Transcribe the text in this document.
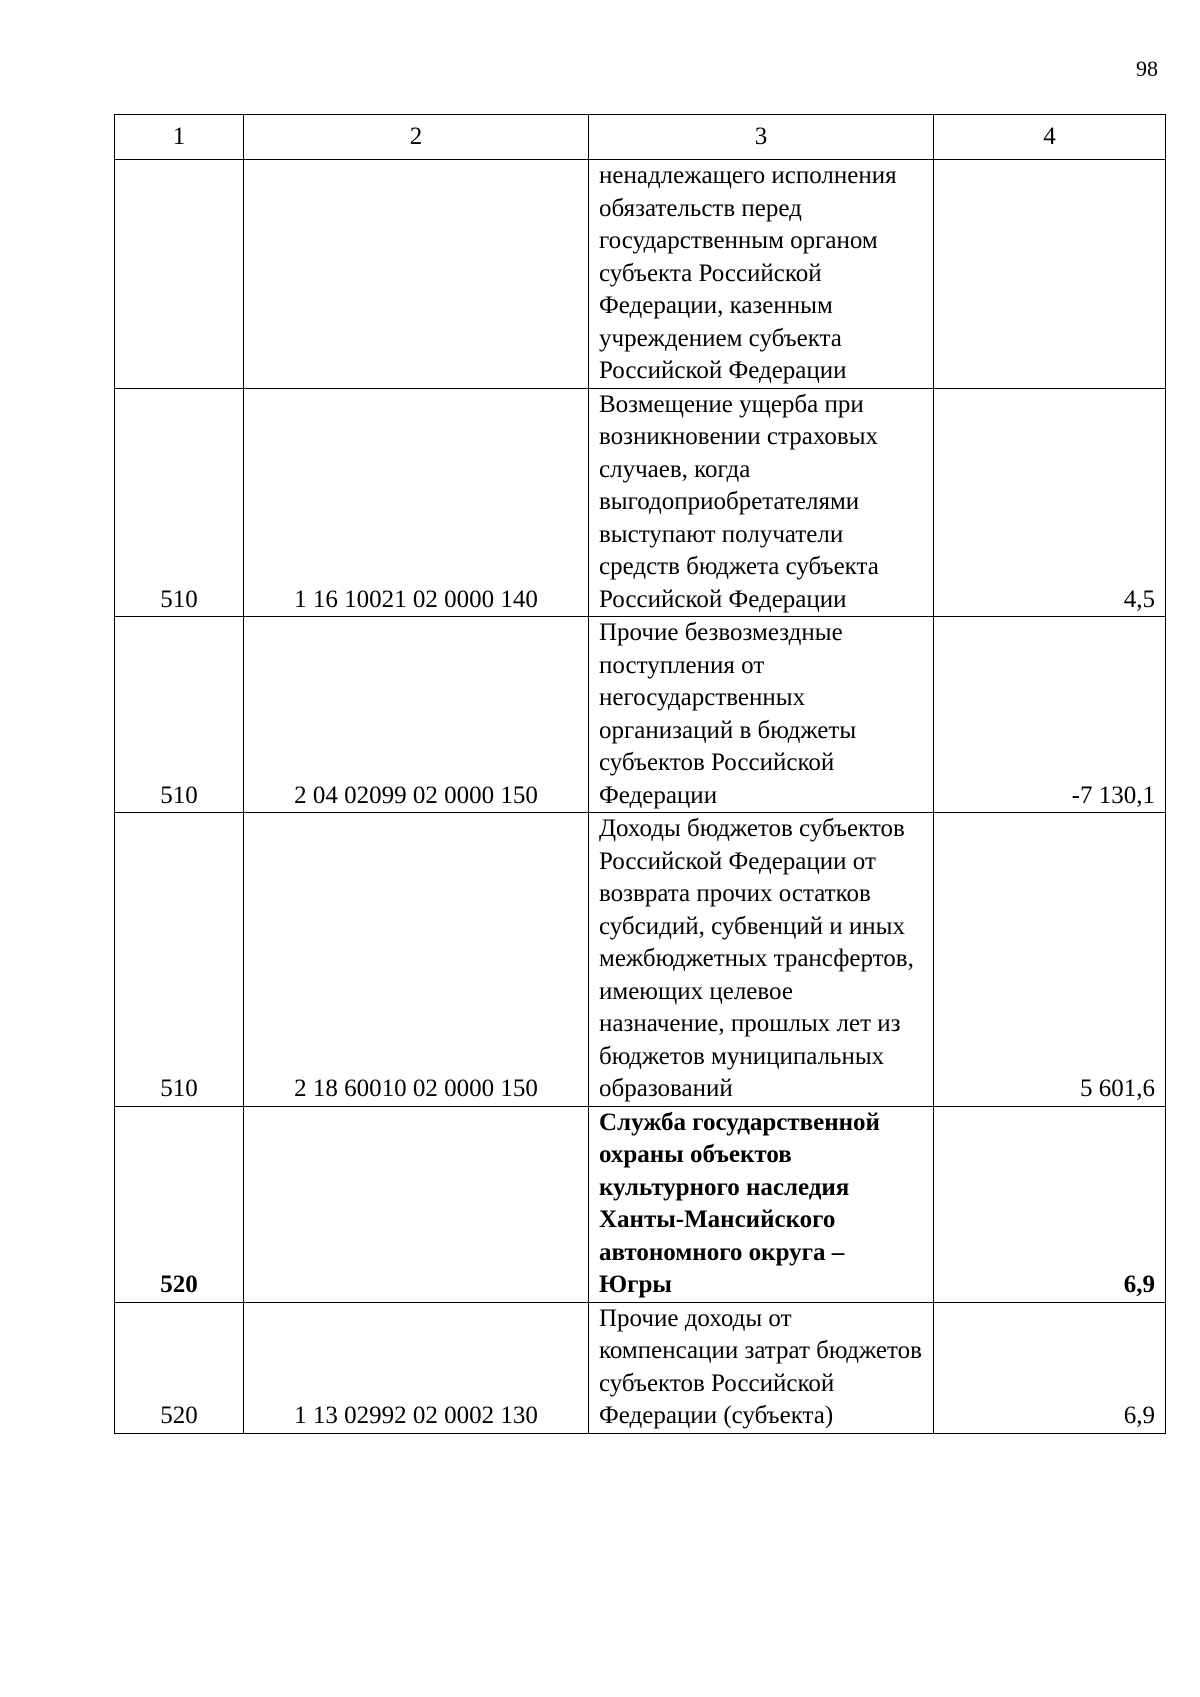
98
1	2	3	4
		ненадлежащего исполнения обязательств перед государственным органом субъекта Российской Федерации, казенным учреждением субъекта Российской Федерации	
510	1 16 10021 02 0000 140	Возмещение ущерба при возникновении страховых случаев, когда выгодоприобретателями выступают получатели средств бюджета субъекта Российской Федерации	4,5
510	2 04 02099 02 0000 150	Прочие безвозмездные поступления от негосударственных организаций в бюджеты субъектов Российской Федерации	-7 130,1
510	2 18 60010 02 0000 150	Доходы бюджетов субъектов Российской Федерации от возврата прочих остатков субсидий, субвенций и иных межбюджетных трансфертов, имеющих целевое назначение, прошлых лет из бюджетов муниципальных образований	5 601,6
520		Служба государственной охраны объектов культурного наследия Ханты-Мансийского автономного округа – Югры	6,9
520	1 13 02992 02 0002 130	Прочие доходы от компенсации затрат бюджетов субъектов Российской Федерации (субъекта)	6,9
